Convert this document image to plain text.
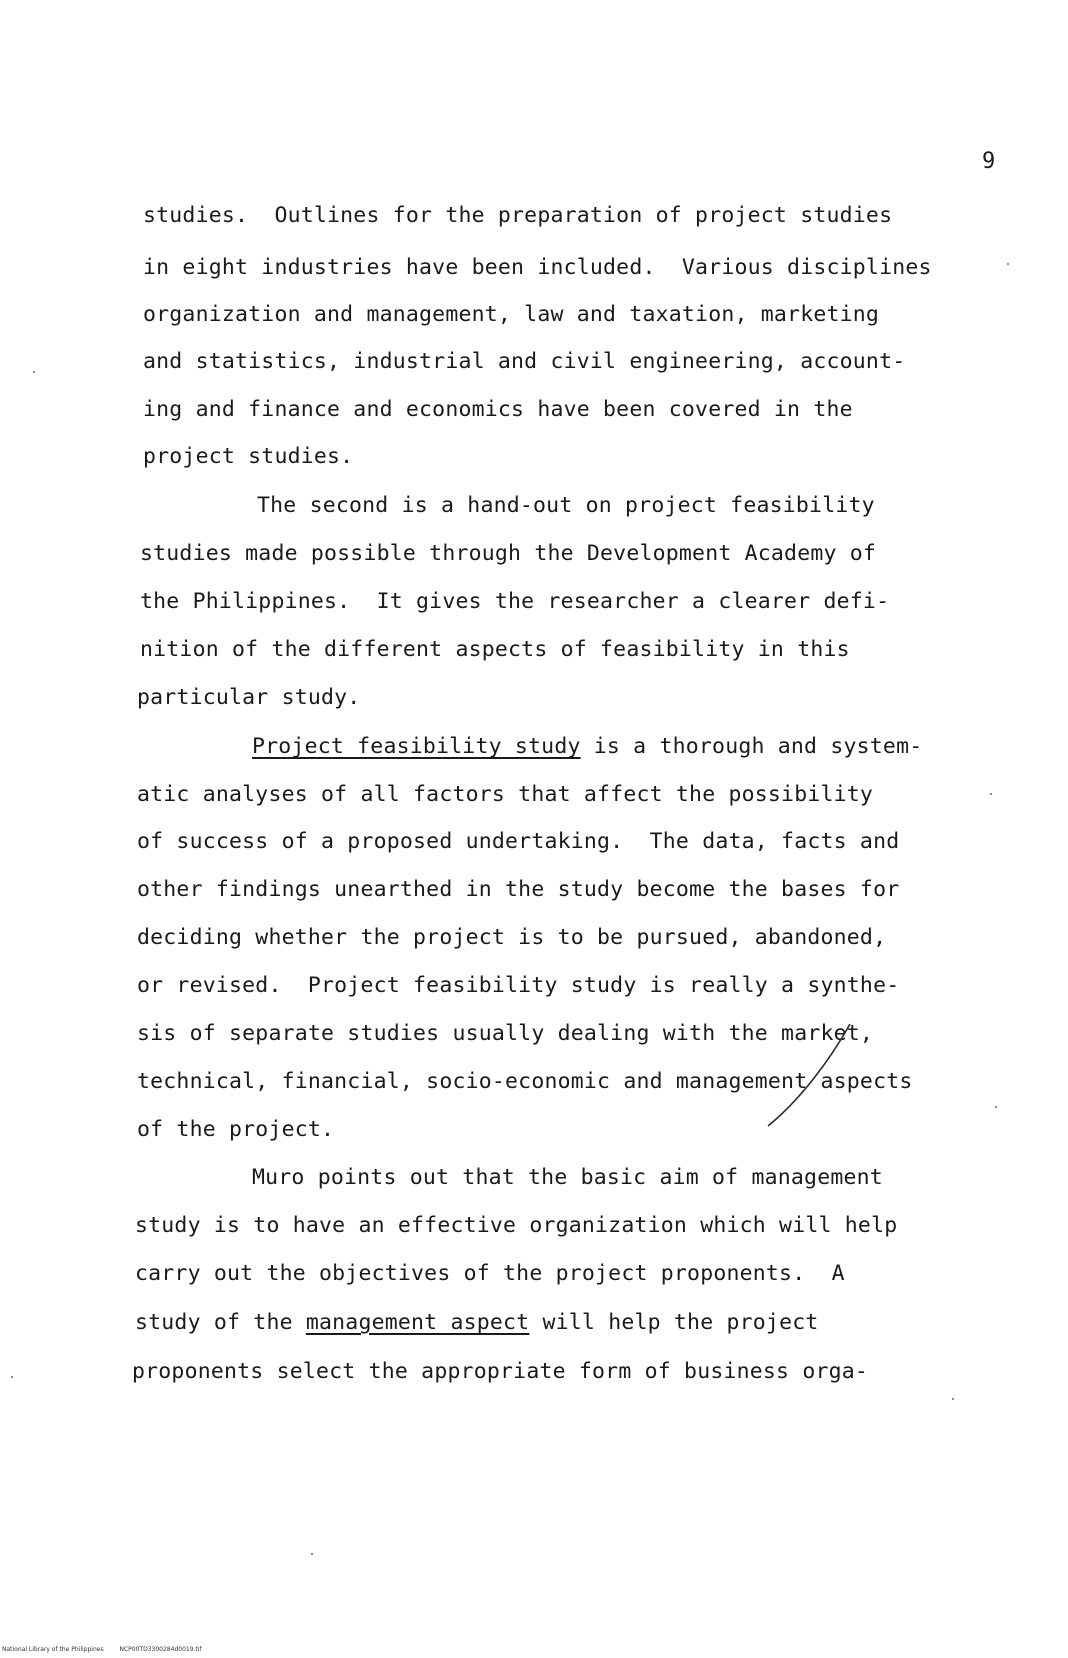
9
studies.  Outlines for the preparation of project studies
in eight industries have been included.  Various disciplines
organization and management, law and taxation, marketing
and statistics, industrial and civil engineering, account-
ing and finance and economics have been covered in the
project studies.
The second is a hand-out on project feasibility
studies made possible through the Development Academy of
the Philippines.  It gives the researcher a clearer defi-
nition of the different aspects of feasibility in this
particular study.
Project feasibility study is a thorough and system-
atic analyses of all factors that affect the possibility
of success of a proposed undertaking.  The data, facts and
other findings unearthed in the study become the bases for
deciding whether the project is to be pursued, abandoned,
or revised.  Project feasibility study is really a synthe-
sis of separate studies usually dealing with the market,
technical, financial, socio-economic and management aspects
of the project.
Muro points out that the basic aim of management
study is to have an effective organization which will help
carry out the objectives of the project proponents.  A
study of the management aspect will help the project
proponents select the appropriate form of business orga-
National Library of the Philippines	NCP00TD3300284d0019.tif
